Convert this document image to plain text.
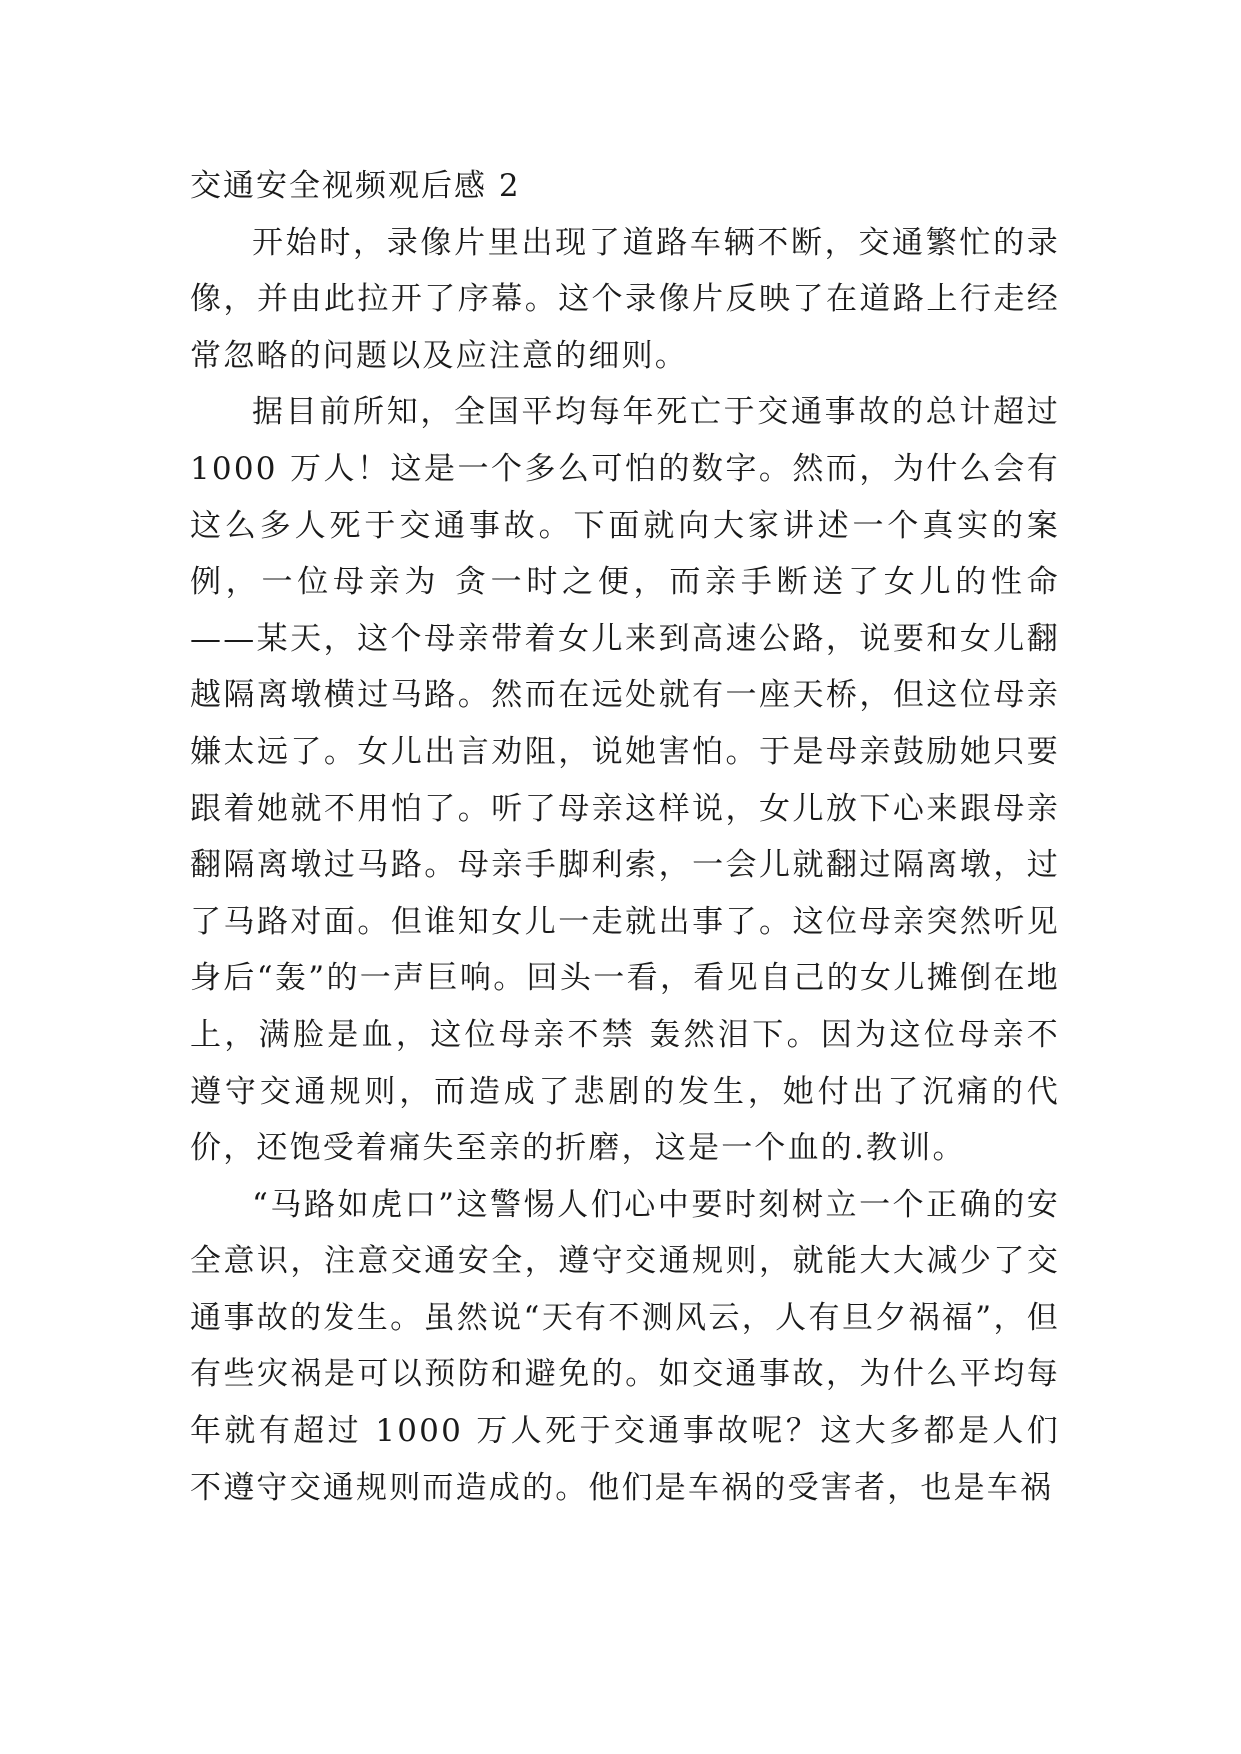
交通安全视频观后感 2

开始时，录像片里出现了道路车辆不断，交通繁忙的录像，并由此拉开了序幕。这个录像片反映了在道路上行走经常忽略的问题以及应注意的细则。

据目前所知，全国平均每年死亡于交通事故的总计超过 1000 万人！这是一个多么可怕的数字。然而，为什么会有这么多人死于交通事故。下面就向大家讲述一个真实的案例，一位母亲为 贪一时之便，而亲手断送了女儿的性命——某天，这个母亲带着女儿来到高速公路，说要和女儿翻越隔离墩横过马路。然而在远处就有一座天桥，但这位母亲嫌太远了。女儿出言劝阻，说她害怕。于是母亲鼓励她只要跟着她就不用怕了。听了母亲这样说，女儿放下心来跟母亲翻隔离墩过马路。母亲手脚利索，一会儿就翻过隔离墩，过了马路对面。但谁知女儿一走就出事了。这位母亲突然听见身后“轰”的一声巨响。回头一看，看见自己的女儿摊倒在地上，满脸是血，这位母亲不禁 轰然泪下。因为这位母亲不遵守交通规则，而造成了悲剧的发生，她付出了沉痛的代价，还饱受着痛失至亲的折磨，这是一个血的.教训。

“马路如虎口”这警惕人们心中要时刻树立一个正确的安全意识，注意交通安全，遵守交通规则，就能大大减少了交通事故的发生。虽然说“天有不测风云，人有旦夕祸福”，但有些灾祸是可以预防和避免的。如交通事故，为什么平均每年就有超过 1000 万人死于交通事故呢？这大多都是人们不遵守交通规则而造成的。他们是车祸的受害者，也是车祸
